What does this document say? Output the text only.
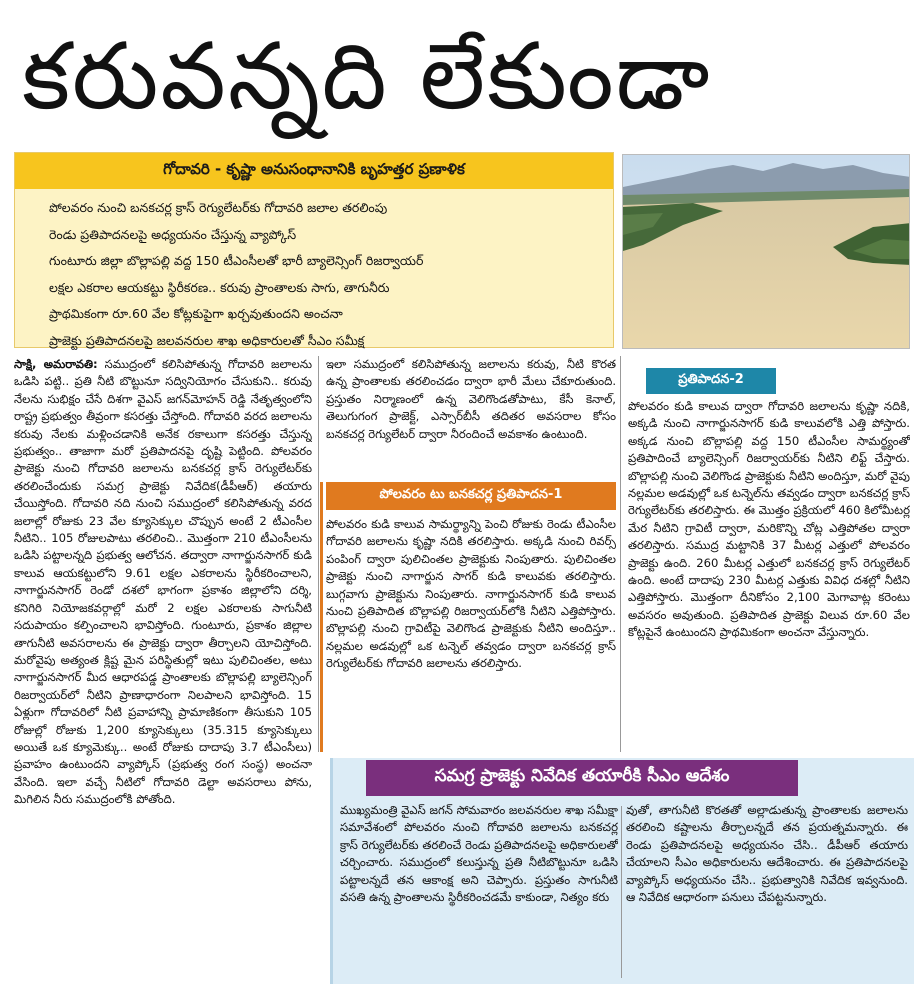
కరువన్నది లేకుండా
గోదావరి - కృష్ణా అనుసంధానానికి బృహత్తర ప్రణాళిక
పోలవరం నుంచి బనకచర్ల క్రాస్ రెగ్యులేటర్‌కు గోదావరి జలాల తరలింపు
రెండు ప్రతిపాదనలపై అధ్యయనం చేస్తున్న వ్యాప్కోస్
గుంటూరు జిల్లా బొల్లాపల్లి వద్ద 150 టీఎంసీలతో భారీ బ్యాలెన్సింగ్ రిజర్వాయర్
లక్షల ఎకరాల ఆయకట్టు స్థిరీకరణ.. కరువు ప్రాంతాలకు సాగు, తాగునీరు
ప్రాథమికంగా రూ.60 వేల కోట్లకుపైగా ఖర్చవుతుందని అంచనా
ప్రాజెక్టు ప్రతిపాదనలపై జలవనరుల శాఖ అధికారులతో సీఎం సమీక్ష

సాక్షి, అమరావతి: సముద్రంలో కలిసిపోతున్న గోదావరి జలాలను ఒడిసి పట్టి.. ప్రతి నీటి బొట్టునూ సద్వినియోగం చేసుకుని.. కరువు నేలను సుభిక్షం చేసే దిశగా వైఎస్ జగన్‌మోహన్ రెడ్డి నేతృత్వంలోని రాష్ట్ర ప్రభుత్వం తీవ్రంగా కసరత్తు చేస్తోంది. గోదావరి వరద జలాలను కరువు నేలకు మళ్లించడానికి అనేక రకాలుగా కసరత్తు చేస్తున్న ప్రభుత్వం.. తాజాగా మరో ప్రతిపాదనపై దృష్టి పెట్టింది. పోలవరం ప్రాజెక్టు నుంచి గోదావరి జలాలను బనకచర్ల క్రాస్ రెగ్యులేటర్‌కు తరలించేందుకు సమగ్ర ప్రాజెక్టు నివేదిక(డీపీఆర్) తయారు చేయిస్తోంది. గోదావరి నది నుంచి సముద్రంలో కలిసిపోతున్న వరద జలాల్లో రోజుకు 23 వేల క్యూసెక్కుల చొప్పున అంటే 2 టీఎంసీల నీటిని.. 105 రోజులపాటు తరలించి.. మొత్తంగా 210 టీఎంసీలను ఒడిసి పట్టాలన్నది ప్రభుత్వ ఆలోచన. తద్వారా నాగార్జునసాగర్ కుడి కాలువ ఆయకట్టులోని 9.61 లక్షల ఎకరాలను స్థిరీకరించాలని, నాగార్జునసాగర్ రెండో దశలో భాగంగా ప్రకాశం జిల్లాలోని దర్శి, కనిగిరి నియోజకవర్గాల్లో మరో 2 లక్షల ఎకరాలకు సాగునీటి సదుపాయం కల్పించాలని భావిస్తోంది. గుంటూరు, ప్రకాశం జిల్లాల తాగునీటి అవసరాలను ఈ ప్రాజెక్టు ద్వారా తీర్చాలని యోచిస్తోంది. మరోవైపు అత్యంత క్లిష్ట మైన పరిస్థితుల్లో ఇటు పులిచింతల, అటు నాగార్జునసాగర్ మీద ఆధారపడ్డ ప్రాంతాలకు బొల్లాపల్లి బ్యాలెన్సింగ్ రిజర్వాయర్‌లో నీటిని ప్రాణాధారంగా నిలపాలని భావిస్తోంది. 15 ఏళ్లుగా గోదావరిలో నీటి ప్రవాహాన్ని ప్రామాణికంగా తీసుకుని 105 రోజుల్లో రోజుకు 1,200 క్యూసెక్కులు (35.315 క్యూసెక్కులు అయితే ఒక క్యూమెక్కు.. అంటే రోజుకు దాదాపు 3.7 టీఎంసీలు) ప్రవాహం ఉంటుందని వ్యాప్కోస్ (ప్రభుత్వ రంగ సంస్థ) అంచనా వేసింది. ఇలా వచ్చే నీటిలో గోదావరి డెల్టా అవసరాలు పోను, మిగిలిన నీరు సముద్రంలోకి పోతోంది.

ఇలా సముద్రంలో కలిసిపోతున్న జలాలను కరువు, నీటి కొరత ఉన్న ప్రాంతాలకు తరలించడం ద్వారా భారీ మేలు చేకూరుతుంది. ప్రస్తుతం నిర్మాణంలో ఉన్న వెలిగొండతోపాటు, కేసీ కెనాల్, తెలుగుగంగ ప్రాజెక్ట్, ఎస్సార్‌బీసీ తదితర అవసరాల కోసం బనకచర్ల రెగ్యులేటర్ ద్వారా నీరందించే అవకాశం ఉంటుంది.

పోలవరం టు బనకచర్ల ప్రతిపాదన-1

పోలవరం కుడి కాలువ సామర్థ్యాన్ని పెంచి రోజుకు రెండు టీఎంసీల గోదావరి జలాలను కృష్ణా నదికి తరలిస్తారు. అక్కడి నుంచి రివర్స్ పంపింగ్ ద్వారా పులిచింతల ప్రాజెక్టుకు నింపుతారు. పులిచింతల ప్రాజెక్టు నుంచి నాగార్జున సాగర్ కుడి కాలువకు తరలిస్తారు. బుగ్గవాగు ప్రాజెక్టును నింపుతారు. నాగార్జునసాగర్ కుడి కాలువ నుంచి ప్రతిపాదిత బొల్లాపల్లి రిజర్వాయర్‌లోకి నీటిని ఎత్తిపోస్తారు. బొల్లాపల్లి నుంచి గ్రావిటీపై వెలిగొండ ప్రాజెక్టుకు నీటిని అందిస్తూ.. నల్లమల అడవుల్లో ఒక టన్నెల్ తవ్వడం ద్వారా బనకచర్ల క్రాస్ రెగ్యులేటర్‌కు గోదావరి జలాలను తరలిస్తారు.

ప్రతిపాదన-2

పోలవరం కుడి కాలువ ద్వారా గోదావరి జలాలను కృష్ణా నదికి, అక్కడి నుంచి నాగార్జునసాగర్ కుడి కాలువలోకి ఎత్తి పోస్తారు. అక్కడ నుంచి బొల్లాపల్లి వద్ద 150 టీఎంసీల సామర్థ్యంతో ప్రతిపాదించే బ్యాలెన్సింగ్ రిజర్వాయర్‌కు నీటిని లిఫ్ట్ చేస్తారు. బొల్లాపల్లి నుంచి వెలిగొండ ప్రాజెక్టుకు నీటిని అందిస్తూ, మరో వైపు నల్లమల అడవుల్లో ఒక టన్నెల్‌ను తవ్వడం ద్వారా బనకచర్ల క్రాస్ రెగ్యులేటర్‌కు తరలిస్తారు. ఈ మొత్తం ప్రక్రియలో 460 కిలోమీటర్ల మేర నీటిని గ్రావిటీ ద్వారా, మరికొన్ని చోట్ల ఎత్తిపోతల ద్వారా తరలిస్తారు. సముద్ర మట్టానికి 37 మీటర్ల ఎత్తులో పోలవరం ప్రాజెక్టు ఉంది. 260 మీటర్ల ఎత్తులో బనకచర్ల క్రాస్ రెగ్యులేటర్ ఉంది. అంటే దాదాపు 230 మీటర్ల ఎత్తుకు వివిధ దశల్లో నీటిని ఎత్తిపోస్తారు. మొత్తంగా దీనికోసం 2,100 మెగావాట్ల కరెంటు అవసరం అవుతుంది. ప్రతిపాదిత ప్రాజెక్టు విలువ రూ.60 వేల కోట్లపైనే ఉంటుందని ప్రాథమికంగా అంచనా వేస్తున్నారు.

సమగ్ర ప్రాజెక్టు నివేదిక తయారీకి సీఎం ఆదేశం

ముఖ్యమంత్రి వైఎస్ జగన్ సోమవారం జలవనరుల శాఖ సమీక్షా సమావేశంలో పోలవరం నుంచి గోదావరి జలాలను బనకచర్ల క్రాస్ రెగ్యులేటర్‌కు తరలించే రెండు ప్రతిపాదనలపై అధికారులతో చర్చించారు. సముద్రంలో కలుస్తున్న ప్రతి నీటిబొట్టునూ ఒడిసి పట్టాలన్నదే తన ఆకాంక్ష అని చెప్పారు. ప్రస్తుతం సాగునీటి వసతి ఉన్న ప్రాంతాలను స్థిరీకరించడమే కాకుండా, నిత్యం కరు

వుతో, తాగునీటి కొరతతో అల్లాడుతున్న ప్రాంతాలకు జలాలను తరలించి కష్టాలను తీర్చాలన్నదే తన ప్రయత్నమన్నారు. ఈ రెండు ప్రతిపాదనలపై అధ్యయనం చేసి.. డీపీఆర్ తయారు చేయాలని సీఎం అధికారులను ఆదేశించారు. ఈ ప్రతిపాదనలపై వ్యాప్కోస్ అధ్యయనం చేసి.. ప్రభుత్వానికి నివేదిక ఇవ్వనుంది. ఆ నివేదిక ఆధారంగా పనులు చేపట్టనున్నారు.
